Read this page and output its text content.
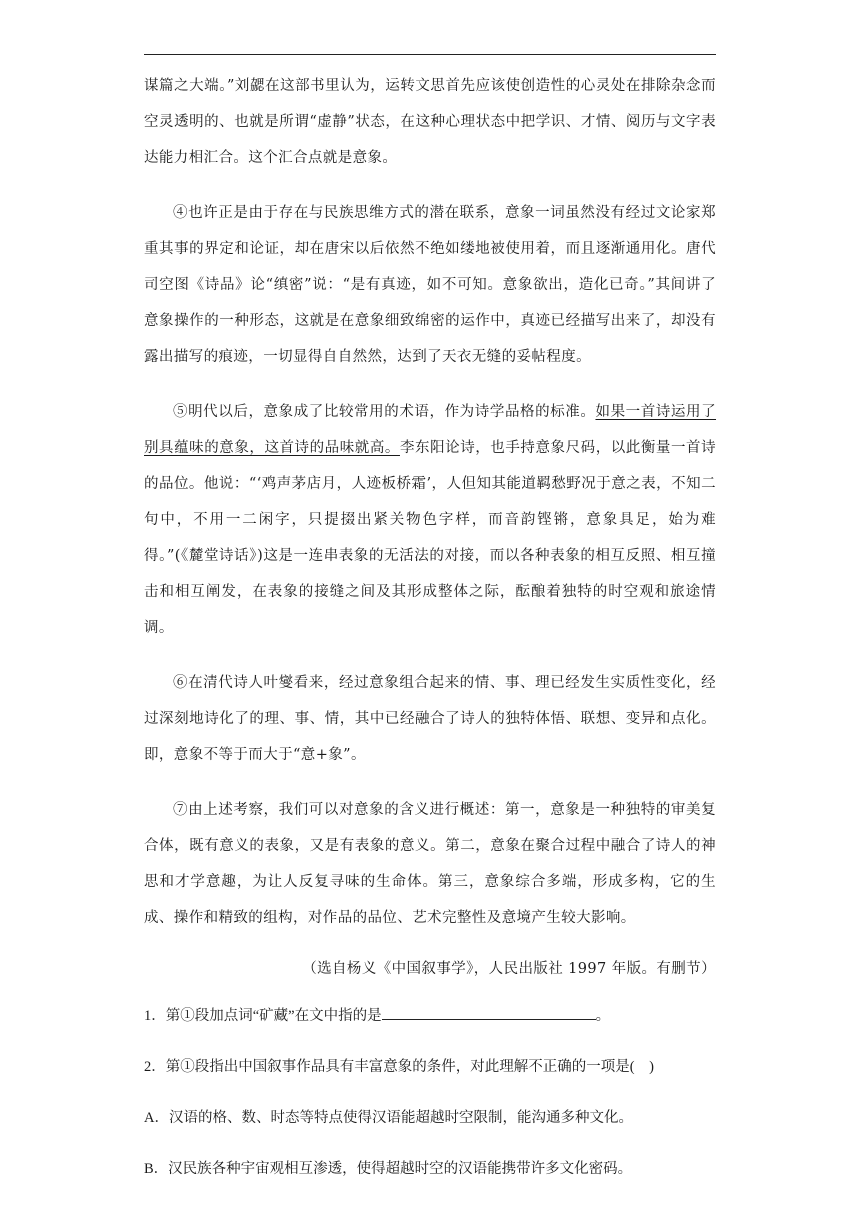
谋篇之大端。”刘勰在这部书里认为，运转文思首先应该使创造性的心灵处在排除杂念而空灵透明的、也就是所谓“虚静”状态，在这种心理状态中把学识、才情、阅历与文字表达能力相汇合。这个汇合点就是意象。

④也许正是由于存在与民族思维方式的潜在联系，意象一词虽然没有经过文论家郑重其事的界定和论证，却在唐宋以后依然不绝如缕地被使用着，而且逐渐通用化。唐代司空图《诗品》论“缜密”说：“是有真迹，如不可知。意象欲出，造化已奇。”其间讲了意象操作的一种形态，这就是在意象细致绵密的运作中，真迹已经描写出来了，却没有露出描写的痕迹，一切显得自自然然，达到了天衣无缝的妥帖程度。

⑤明代以后，意象成了比较常用的术语，作为诗学品格的标准。如果一首诗运用了别具蕴味的意象，这首诗的品味就高。李东阳论诗，也手持意象尺码，以此衡量一首诗的品位。他说：“‘鸡声茅店月，人迹板桥霜’，人但知其能道羁愁野况于意之表，不知二句中，不用一二闲字，只提掇出紧关物色字样，而音韵铿锵，意象具足，始为难得。”(《麓堂诗话》)这是一连串表象的无活法的对接，而以各种表象的相互反照、相互撞击和相互阐发，在表象的接缝之间及其形成整体之际，酝酿着独特的时空观和旅途情调。

⑥在清代诗人叶燮看来，经过意象组合起来的情、事、理已经发生实质性变化，经过深刻地诗化了的理、事、情，其中已经融合了诗人的独特体悟、联想、变异和点化。即，意象不等于而大于“意+象”。

⑦由上述考察，我们可以对意象的含义进行概述：第一，意象是一种独特的审美复合体，既有意义的表象，又是有表象的意义。第二，意象在聚合过程中融合了诗人的神思和才学意趣，为让人反复寻味的生命体。第三，意象综合多端，形成多构，它的生成、操作和精致的组构，对作品的品位、艺术完整性及意境产生较大影响。

（选自杨义《中国叙事学》，人民出版社 1997 年版。有删节）

1．第①段加点词“矿藏”在文中指的是	。

2．第①段指出中国叙事作品具有丰富意象的条件，对此理解不正确的一项是(　)

A．汉语的格、数、时态等特点使得汉语能超越时空限制，能沟通多种文化。

B．汉民族各种宇宙观相互渗透，使得超越时空的汉语能携带许多文化密码。
